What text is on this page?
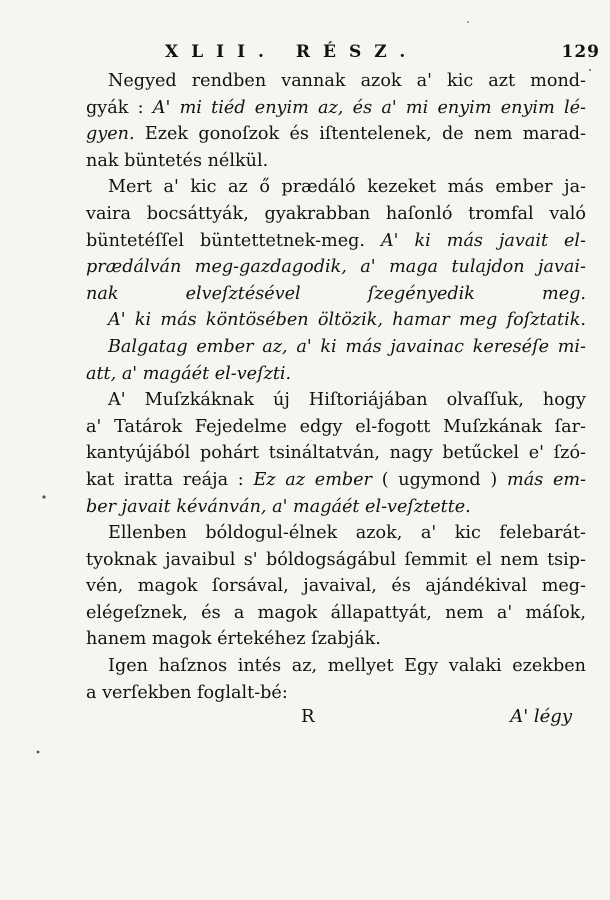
XLII. RÉSZ.	129
Negyed rendben vannak azok a' kic azt mond-
gyák : A' mi tiéd enyim az, és a' mi enyim enyim lé-
gyen. Ezek gonoſzok és iſtentelenek, de nem marad-
nak büntetés nélkül.
Mert a' kic az ő prædáló kezeket más ember ja-
vaira bocsáttyák, gyakrabban haſonló tromfal való
büntetéſſel büntettetnek-meg. A' ki más javait el-
prædálván meg-gazdagodik, a' maga tulajdon javai-
nak elveſztésével ſzegényedik meg.
A' ki más köntösében öltözik, hamar meg foſztatik.
Balgatag ember az, a' ki más javainac kereséſe mi-
att, a' magáét el-veſzti.
A' Muſzkáknak új Hiſtoriájában olvaſſuk, hogy
a' Tatárok Fejedelme edgy el-fogott Muſzkának ſar-
kantyújából pohárt tsináltatván, nagy betűckel e' ſzó-
kat iratta reája : Ez az ember ( ugymond ) más em-
ber javait kévánván, a' magáét el-veſztette.
Ellenben bóldogul-élnek azok, a' kic felebarát-
tyoknak javaibul s' bóldogságábul ſemmit el nem tsip-
vén, magok ſorsával, javaival, és ajándékival meg-
elégeſznek, és a magok állapattyát, nem a' máſok,
hanem magok értekéhez ſzabják.
Igen haſznos intés az, mellyet Egy valaki ezekben
a verſekben foglalt-bé:
R	A' légy
